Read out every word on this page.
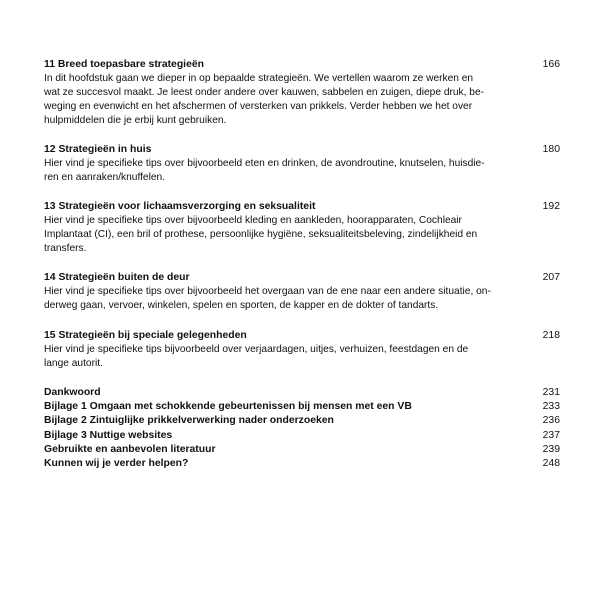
11 Breed toepasbare strategieën	166

In dit hoofdstuk gaan we dieper in op bepaalde strategieën. We vertellen waarom ze werken en
wat ze succesvol maakt. Je leest onder andere over kauwen, sabbelen en zuigen, diepe druk, be-
weging en evenwicht en het afschermen of versterken van prikkels. Verder hebben we het over
hulpmiddelen die je erbij kunt gebruiken.

12 Strategieën in huis	180

Hier vind je specifieke tips over bijvoorbeeld eten en drinken, de avondroutine, knutselen, huisdie-
ren en aanraken/knuffelen.

13 Strategieën voor lichaamsverzorging en seksualiteit	192

Hier vind je specifieke tips over bijvoorbeeld kleding en aankleden, hoorapparaten, Cochleair
Implantaat (CI), een bril of prothese, persoonlijke hygiëne, seksualiteitsbeleving, zindelijkheid en
transfers.

14 Strategieën buiten de deur	207

Hier vind je specifieke tips over bijvoorbeeld het overgaan van de ene naar een andere situatie, on-
derweg gaan, vervoer, winkelen, spelen en sporten, de kapper en de dokter of tandarts.

15 Strategieën bij speciale gelegenheden	218

Hier vind je specifieke tips bijvoorbeeld over verjaardagen, uitjes, verhuizen, feestdagen en de
lange autorit.

Dankwoord	231
Bijlage 1 Omgaan met schokkende gebeurtenissen bij mensen met een VB	233
Bijlage 2 Zintuiglijke prikkelverwerking nader onderzoeken	236
Bijlage 3 Nuttige websites	237
Gebruikte en aanbevolen literatuur	239
Kunnen wij je verder helpen?	248
